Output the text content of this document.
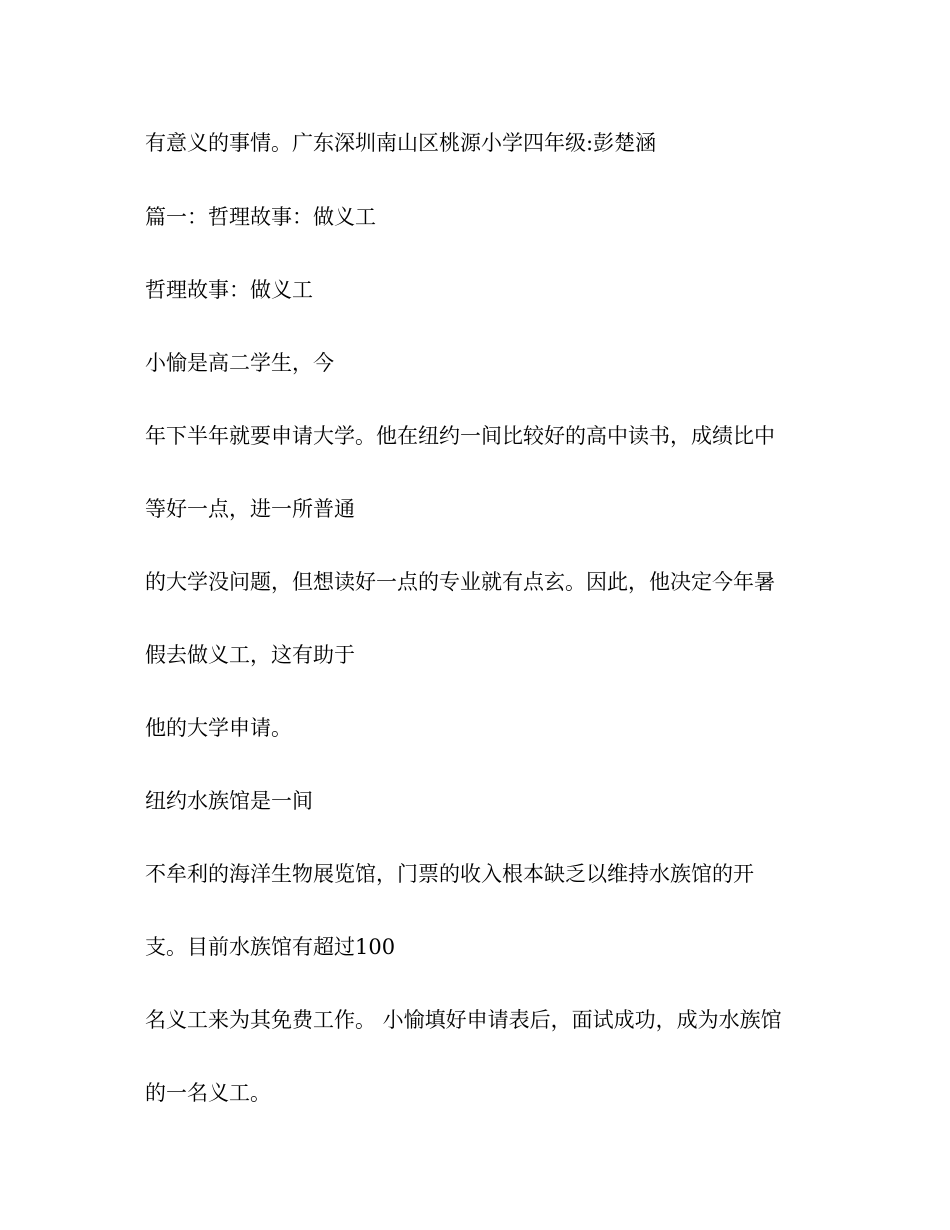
有意义的事情。广东深圳南山区桃源小学四年级:彭楚涵

篇一：哲理故事：做义工

哲理故事：做义工

小愉是高二学生，今

年下半年就要申请大学。他在纽约一间比较好的高中读书，成绩比中

等好一点，进一所普通

的大学没问题，但想读好一点的专业就有点玄。因此，他决定今年暑

假去做义工，这有助于

他的大学申请。

纽约水族馆是一间

不牟利的海洋生物展览馆，门票的收入根本缺乏以维持水族馆的开

支。目前水族馆有超过100

名义工来为其免费工作。 小愉填好申请表后，面试成功，成为水族馆

的一名义工。
